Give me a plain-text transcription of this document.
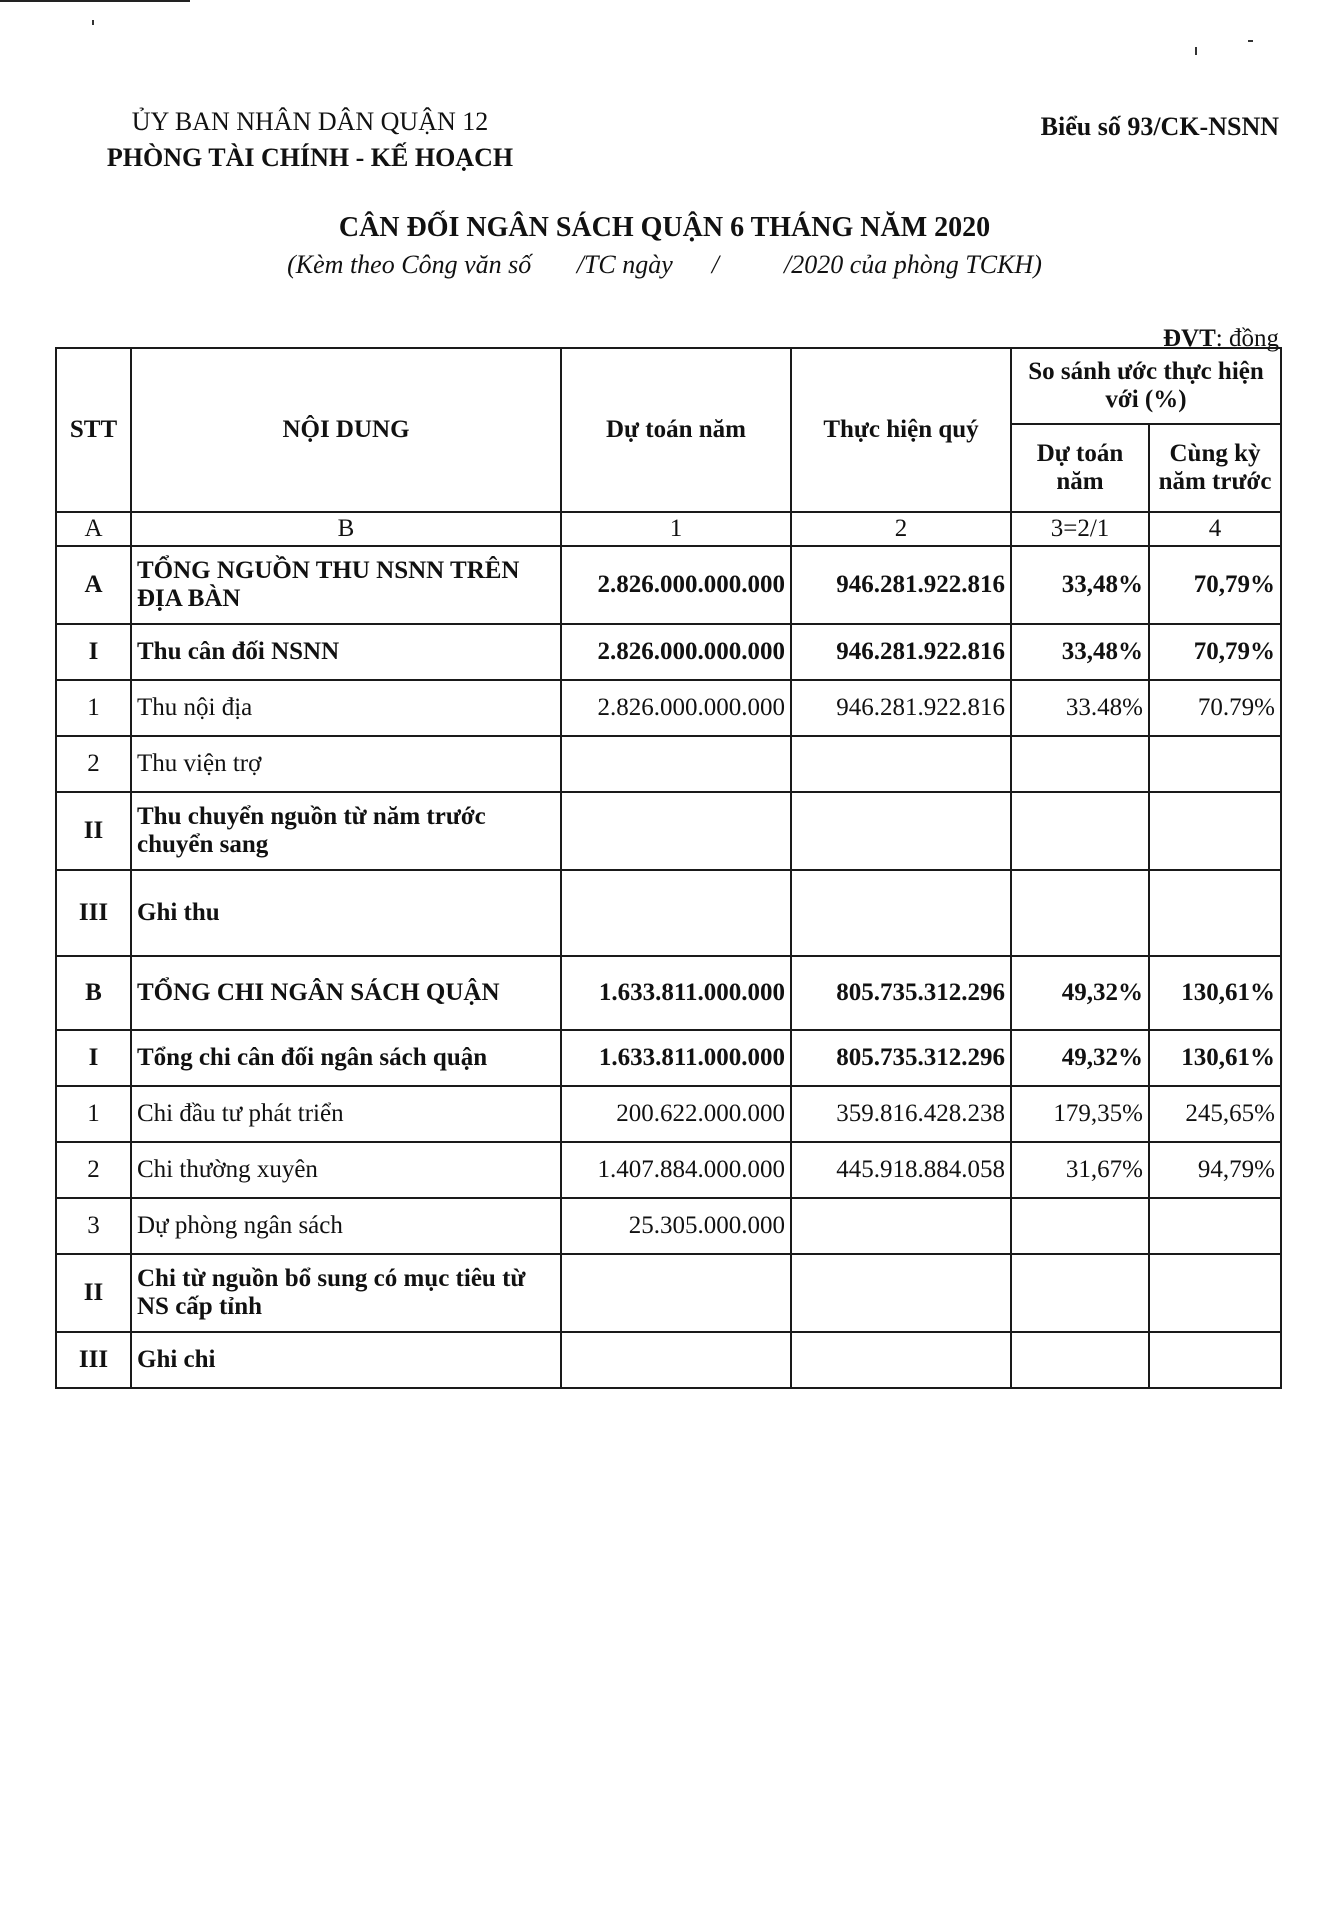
ỦY BAN NHÂN DÂN QUẬN 12
PHÒNG TÀI CHÍNH - KẾ HOẠCH
Biểu số 93/CK-NSNN
CÂN ĐỐI NGÂN SÁCH QUẬN 6 THÁNG NĂM 2020
(Kèm theo Công văn số       /TC ngày      /          /2020 của phòng TCKH)
ĐVT: đồng
STT	NỘI DUNG	Dự toán năm	Thực hiện quý	So sánh ước thực hiện với (%)	
				Dự toán năm	Cùng kỳ năm trước
A	B	1	2	3=2/1	4
A	TỔNG NGUỒN THU NSNN TRÊN ĐỊA BÀN	2.826.000.000.000	946.281.922.816	33,48%	70,79%
I	Thu cân đối NSNN	2.826.000.000.000	946.281.922.816	33,48%	70,79%
1	Thu nội địa	2.826.000.000.000	946.281.922.816	33.48%	70.79%
2	Thu viện trợ				
II	Thu chuyển nguồn từ năm trước chuyển sang				
III	Ghi thu				
B	TỔNG CHI NGÂN SÁCH QUẬN	1.633.811.000.000	805.735.312.296	49,32%	130,61%
I	Tổng chi cân đối ngân sách quận	1.633.811.000.000	805.735.312.296	49,32%	130,61%
1	Chi đầu tư phát triển	200.622.000.000	359.816.428.238	179,35%	245,65%
2	Chi thường xuyên	1.407.884.000.000	445.918.884.058	31,67%	94,79%
3	Dự phòng ngân sách	25.305.000.000			
II	Chi từ nguồn bổ sung có mục tiêu từ NS cấp tỉnh				
III	Ghi chi				
